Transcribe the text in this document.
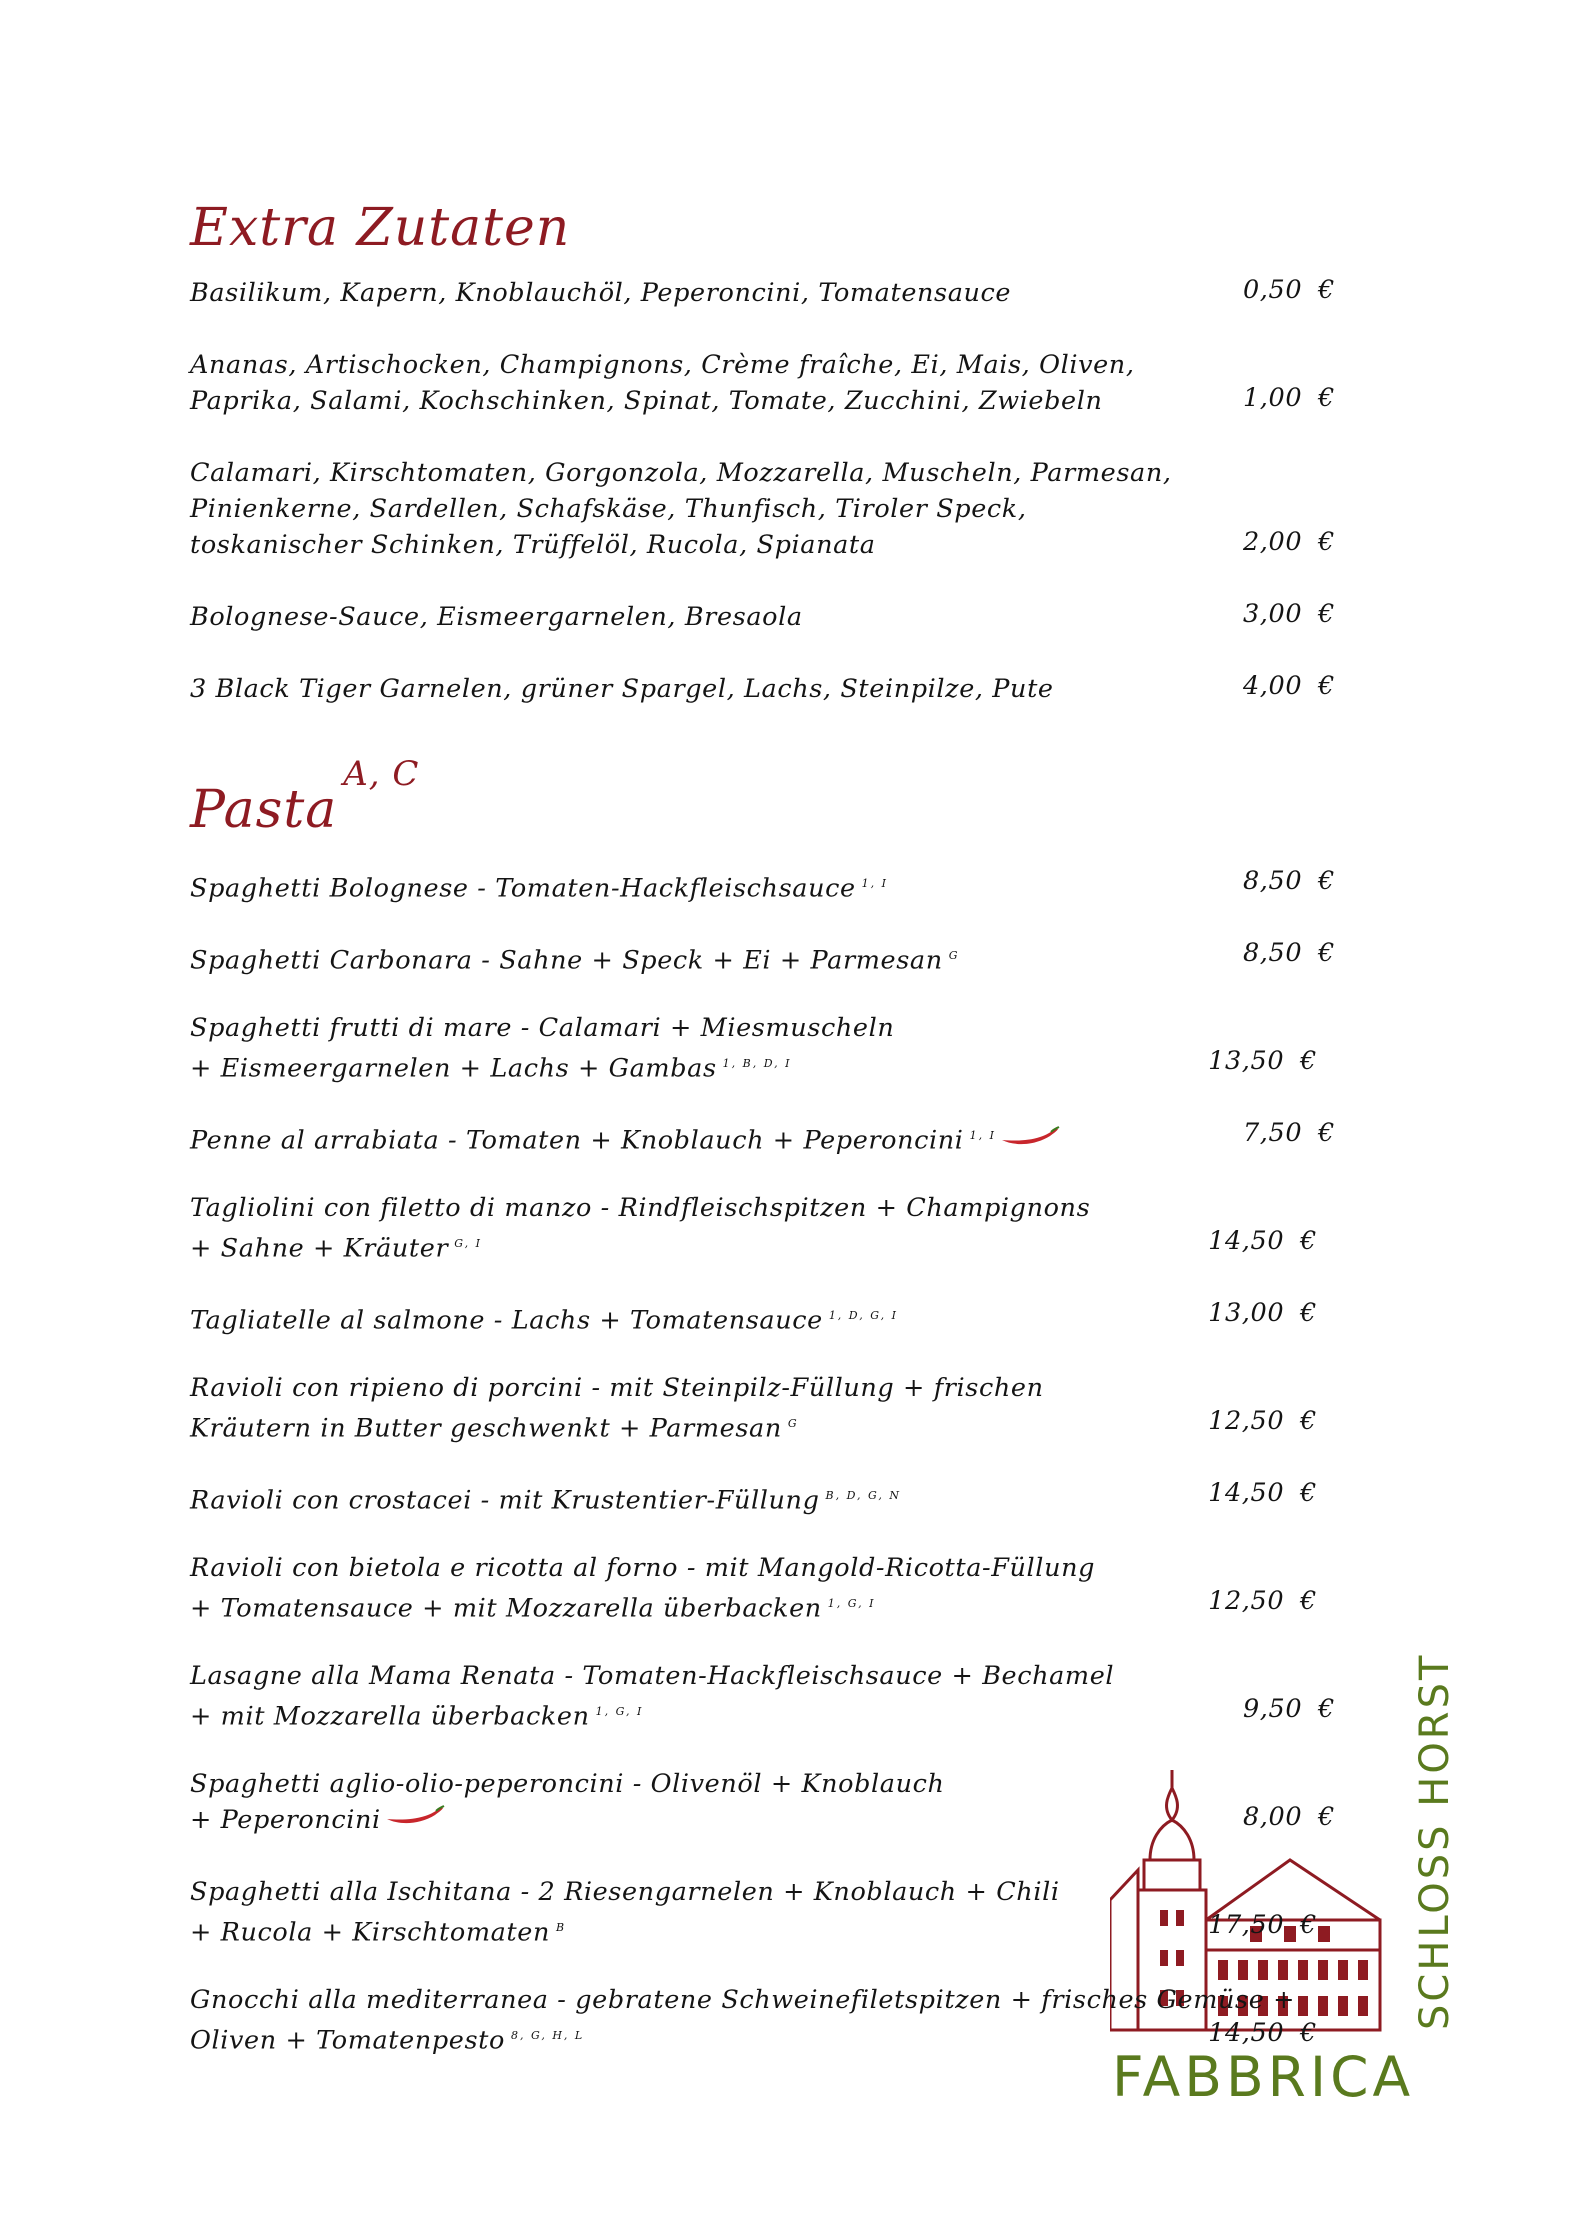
Extra Zutaten
Basilikum, Kapern, Knoblauchöl, Peperoncini, Tomatensauce	0,50 €
Ananas, Artischocken, Champignons, Crème fraîche, Ei, Mais, Oliven,
Paprika, Salami, Kochschinken, Spinat, Tomate, Zucchini, Zwiebeln	1,00 €
Calamari, Kirschtomaten, Gorgonzola, Mozzarella, Muscheln, Parmesan,
Pinienkerne, Sardellen, Schafskäse, Thunfisch, Tiroler Speck,
toskanischer Schinken, Trüffelöl, Rucola, Spianata	2,00 €
Bolognese-Sauce, Eismeergarnelen, Bresaola	3,00 €
3 Black Tiger Garnelen, grüner Spargel, Lachs, Steinpilze, Pute	4,00 €
Pasta$^{A, C}$
Spaghetti Bolognese - Tomaten-Hackfleischsauce $^{1, I}$	8,50 €
Spaghetti Carbonara - Sahne + Speck + Ei + Parmesan $^G$	8,50 €
Spaghetti frutti di mare - Calamari + Miesmuscheln
+ Eismeergarnelen + Lachs + Gambas $^{1, B, D, I}$	13,50 €
Penne al arrabiata - Tomaten + Knoblauch + Peperoncini $^{1, I}$	7,50 €
Tagliolini con filetto di manzo - Rindfleischspitzen + Champignons
+ Sahne + Kräuter $^{G, I}$	14,50 €
Tagliatelle al salmone - Lachs + Tomatensauce $^{1, D, G, I}$	13,00 €
Ravioli con ripieno di porcini - mit Steinpilz-Füllung + frischen
Kräutern in Butter geschwenkt + Parmesan $^G$	12,50 €
Ravioli con crostacei - mit Krustentier-Füllung $^{B, D, G, N}$	14,50 €
Ravioli con bietola e ricotta al forno - mit Mangold-Ricotta-Füllung
+ Tomatensauce + mit Mozzarella überbacken $^{1, G, I}$	12,50 €
Lasagne alla Mama Renata - Tomaten-Hackfleischsauce + Bechamel
+ mit Mozzarella überbacken $^{1, G, I}$	9,50 €
Spaghetti aglio-olio-peperoncini - Olivenöl + Knoblauch
+ Peperoncini	8,00 €
Spaghetti alla Ischitana - 2 Riesengarnelen + Knoblauch + Chili
+ Rucola + Kirschtomaten $^B$	17,50 €
Gnocchi alla mediterranea - gebratene Schweinefiletspitzen + frisches Gemüse +
Oliven + Tomatenpesto $^{8, G, H, L}$	14,50 €
FABBRICA
SCHLOSS HORST
